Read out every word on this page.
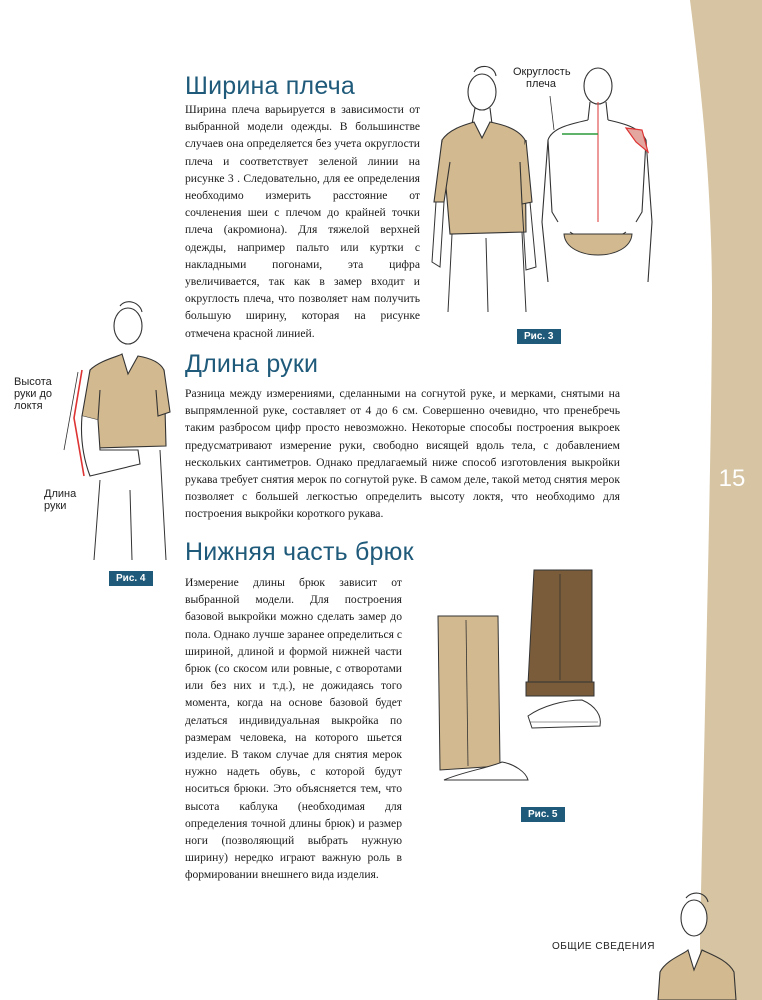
15
Ширина плеча

Ширина плеча варьируется в зависимости от выбранной модели одежды. В большинстве случаев она определяется без учета округлости плеча и соответствует зеленой линии на рисунке 3 . Следовательно, для ее определения необходимо измерить расстояние от сочленения шеи с плечом до крайней точки плеча (акромиона). Для тяжелой верхней одежды, например пальто или куртки с накладными погонами, эта цифра увеличивается, так как в замер входит и округлость плеча, что позволяет нам получить большую ширину, которая на рисунке отмечена красной линией.

Округлость плеча
Рис. 3
Длина руки

Разница между измерениями, сделанными на согнутой руке, и мерками, снятыми на выпрямленной руке, составляет от 4 до 6 см. Совершенно очевидно, что пренебречь таким разбросом цифр просто невозможно. Некоторые способы построения выкроек предусматривают измерение руки, свободно висящей вдоль тела, с добавлением нескольких сантиметров. Однако предлагаемый ниже способ изготовления выкройки рукава требует снятия мерок по согнутой руке. В самом деле, такой метод снятия мерок позволяет с большей легкостью определить высоту локтя, что необходимо для построения выкройки короткого рукава.

Высота руки до локтя
Длина руки
Рис. 4
Нижняя часть брюк

Измерение длины брюк зависит от выбранной модели. Для построения базовой выкройки можно сделать замер до пола. Однако лучше заранее определиться с шириной, длиной и формой нижней части брюк (со скосом или ровные, с отворотами или без них и т.д.), не дожидаясь того момента, когда на основе базовой будет делаться индивидуальная выкройка по размерам человека, на которого шьется изделие. В таком случае для снятия мерок нужно надеть обувь, с которой будут носиться брюки. Это объясняется тем, что высота каблука (необходимая для определения точной длины брюк) и размер ноги (позволяющий выбрать нужную ширину) нередко играют важную роль в формировании внешнего вида изделия.

Рис. 5
ОБЩИЕ СВЕДЕНИЯ
